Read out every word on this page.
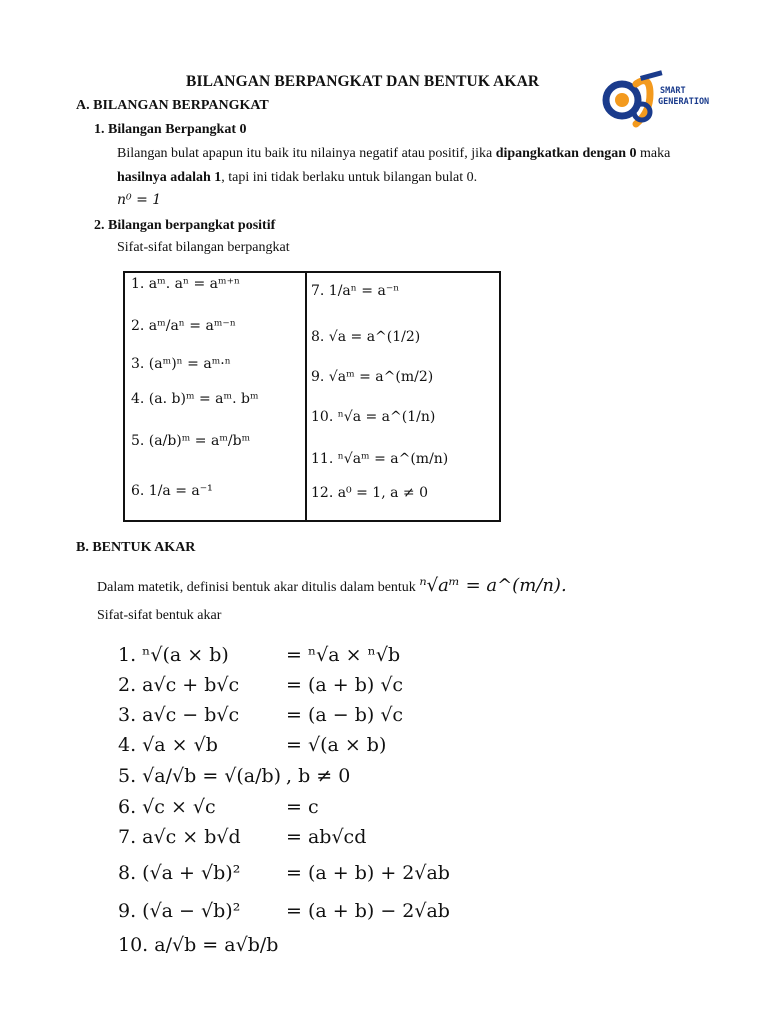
BILANGAN BERPANGKAT DAN BENTUK AKAR
SMART
GENERATION
A. BILANGAN BERPANGKAT
1. Bilangan Berpangkat 0
Bilangan bulat apapun itu baik itu nilainya negatif atau positif, jika dipangkatkan dengan 0 maka
hasilnya adalah 1, tapi ini tidak berlaku untuk bilangan bulat 0.
n⁰ = 1
2. Bilangan berpangkat positif
Sifat-sifat bilangan berpangkat
1. aᵐ. aⁿ = aᵐ⁺ⁿ
2. aᵐ/aⁿ = aᵐ⁻ⁿ
3. (aᵐ)ⁿ = aᵐ·ⁿ
4. (a. b)ᵐ = aᵐ. bᵐ
5. (a/b)ᵐ = aᵐ/bᵐ
6. 1/a = a⁻¹
7. 1/aⁿ = a⁻ⁿ
8. √a = a^(1/2)
9. √aᵐ = a^(m/2)
10. ⁿ√a = a^(1/n)
11. ⁿ√aᵐ = a^(m/n)
12. a⁰ = 1, a ≠ 0
B. BENTUK AKAR
Dalam matetik, definisi bentuk akar ditulis dalam bentuk ⁿ√aᵐ = a^(m/n).
Sifat-sifat bentuk akar
1. ⁿ√(a × b)	= ⁿ√a × ⁿ√b
2. a√c + b√c = (a + b) √c
3. a√c − b√c = (a − b) √c
4. √a × √b	= √(a × b)
5. √a/√b = √(a/b) , b ≠ 0
6. √c × √c	= c
7. a√c × b√d = ab√cd
8. (√a + √b)² = (a + b) + 2√ab
9. (√a − √b)² = (a + b) − 2√ab
10. a/√b = a√b/b
